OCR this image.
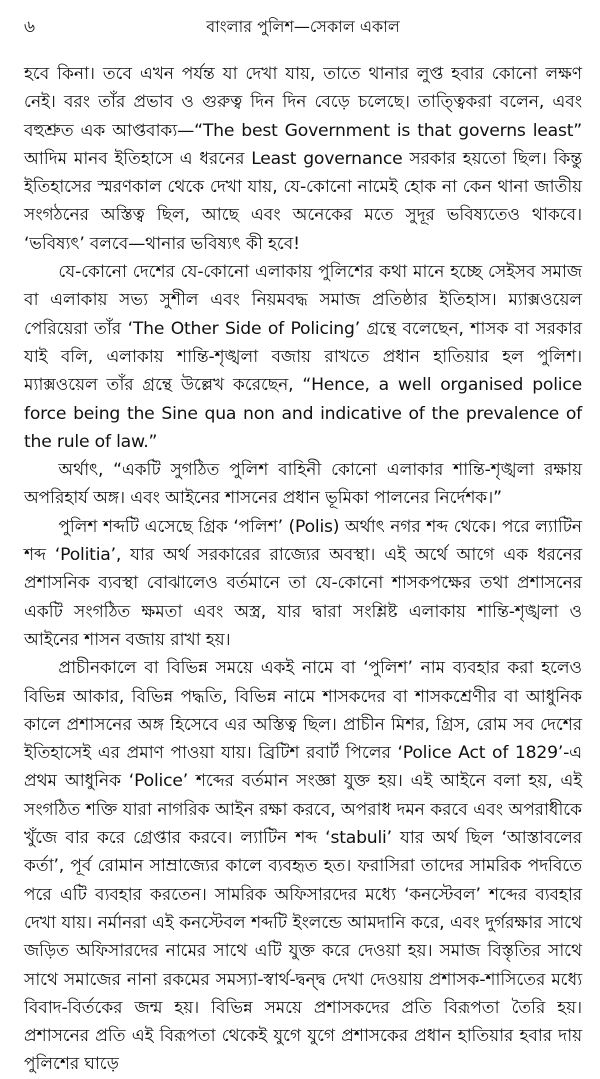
৬	বাংলার পুলিশ—সেকাল একাল

হবে কিনা। তবে এখন পর্যন্ত যা দেখা যায়, তাতে থানার লুপ্ত হবার কোনো লক্ষণ নেই। বরং তাঁর প্রভাব ও গুরুত্ব দিন দিন বেড়ে চলেছে। তাত্ত্বিকরা বলেন, এবং বহুশ্রুত এক আপ্তবাক্য—“The best Government is that governs least” আদিম মানব ইতিহাসে এ ধরনের Least governance সরকার হয়তো ছিল। কিন্তু ইতিহাসের স্মরণকাল থেকে দেখা যায়, যে-কোনো নামেই হোক না কেন থানা জাতীয় সংগঠনের অস্তিত্ব ছিল, আছে এবং অনেকের মতে সুদূর ভবিষ্যতেও থাকবে। ‘ভবিষ্যৎ’ বলবে—থানার ভবিষ্যৎ কী হবে!

যে-কোনো দেশের যে-কোনো এলাকায় পুলিশের কথা মানে হচ্ছে সেইসব সমাজ বা এলাকায় সভ্য সুশীল এবং নিয়মবদ্ধ সমাজ প্রতিষ্ঠার ইতিহাস। ম্যাক্সওয়েল পেরিয়েরা তাঁর ‘The Other Side of Policing’ গ্রন্থে বলেছেন, শাসক বা সরকার যাই বলি, এলাকায় শান্তি-শৃঙ্খলা বজায় রাখতে প্রধান হাতিয়ার হল পুলিশ। ম্যাক্সওয়েল তাঁর গ্রন্থে উল্লেখ করেছেন, “Hence, a well organised police force being the Sine qua non and indicative of the prevalence of the rule of law.”

অর্থাৎ, “একটি সুগঠিত পুলিশ বাহিনী কোনো এলাকার শান্তি-শৃঙ্খলা রক্ষায় অপরিহার্য অঙ্গ। এবং আইনের শাসনের প্রধান ভূমিকা পালনের নির্দেশক।”

পুলিশ শব্দটি এসেছে গ্রিক ‘পলিশ’ (Polis) অর্থাৎ নগর শব্দ থেকে। পরে ল্যাটিন শব্দ ‘Politia’, যার অর্থ সরকারের রাজ্যের অবস্থা। এই অর্থে আগে এক ধরনের প্রশাসনিক ব্যবস্থা বোঝালেও বর্তমানে তা যে-কোনো শাসকপক্ষের তথা প্রশাসনের একটি সংগঠিত ক্ষমতা এবং অস্ত্র, যার দ্বারা সংশ্লিষ্ট এলাকায় শান্তি-শৃঙ্খলা ও আইনের শাসন বজায় রাখা হয়।

প্রাচীনকালে বা বিভিন্ন সময়ে একই নামে বা ‘পুলিশ’ নাম ব্যবহার করা হলেও বিভিন্ন আকার, বিভিন্ন পদ্ধতি, বিভিন্ন নামে শাসকদের বা শাসকশ্রেণীর বা আধুনিক কালে প্রশাসনের অঙ্গ হিসেবে এর অস্তিত্ব ছিল। প্রাচীন মিশর, গ্রিস, রোম সব দেশের ইতিহাসেই এর প্রমাণ পাওয়া যায়। ব্রিটিশ রবার্ট পিলের ‘Police Act of 1829’-এ প্রথম আধুনিক ‘Police’ শব্দের বর্তমান সংজ্ঞা যুক্ত হয়। এই আইনে বলা হয়, এই সংগঠিত শক্তি যারা নাগরিক আইন রক্ষা করবে, অপরাধ দমন করবে এবং অপরাধীকে খুঁজে বার করে গ্রেপ্তার করবে। ল্যাটিন শব্দ ‘stabuli’ যার অর্থ ছিল ‘আস্তাবলের কর্তা’, পূর্ব রোমান সাম্রাজ্যের কালে ব্যবহৃত হত। ফরাসিরা তাদের সামরিক পদবিতে পরে এটি ব্যবহার করতেন। সামরিক অফিসারদের মধ্যে ‘কনস্টেবল’ শব্দের ব্যবহার দেখা যায়। নর্মানরা এই কনস্টেবল শব্দটি ইংলন্ডে আমদানি করে, এবং দুর্গরক্ষার সাথে জড়িত অফিসারদের নামের সাথে এটি যুক্ত করে দেওয়া হয়। সমাজ বিস্তৃতির সাথে সাথে সমাজের নানা রকমের সমস্যা-স্বার্থ-দ্বন্দ্ব দেখা দেওয়ায় প্রশাসক-শাসিতের মধ্যে বিবাদ-বির্তকের জন্ম হয়। বিভিন্ন সময়ে প্রশাসকদের প্রতি বিরূপতা তৈরি হয়। প্রশাসনের প্রতি এই বিরূপতা থেকেই যুগে যুগে প্রশাসকের প্রধান হাতিয়ার হবার দায় পুলিশের ঘাড়ে
